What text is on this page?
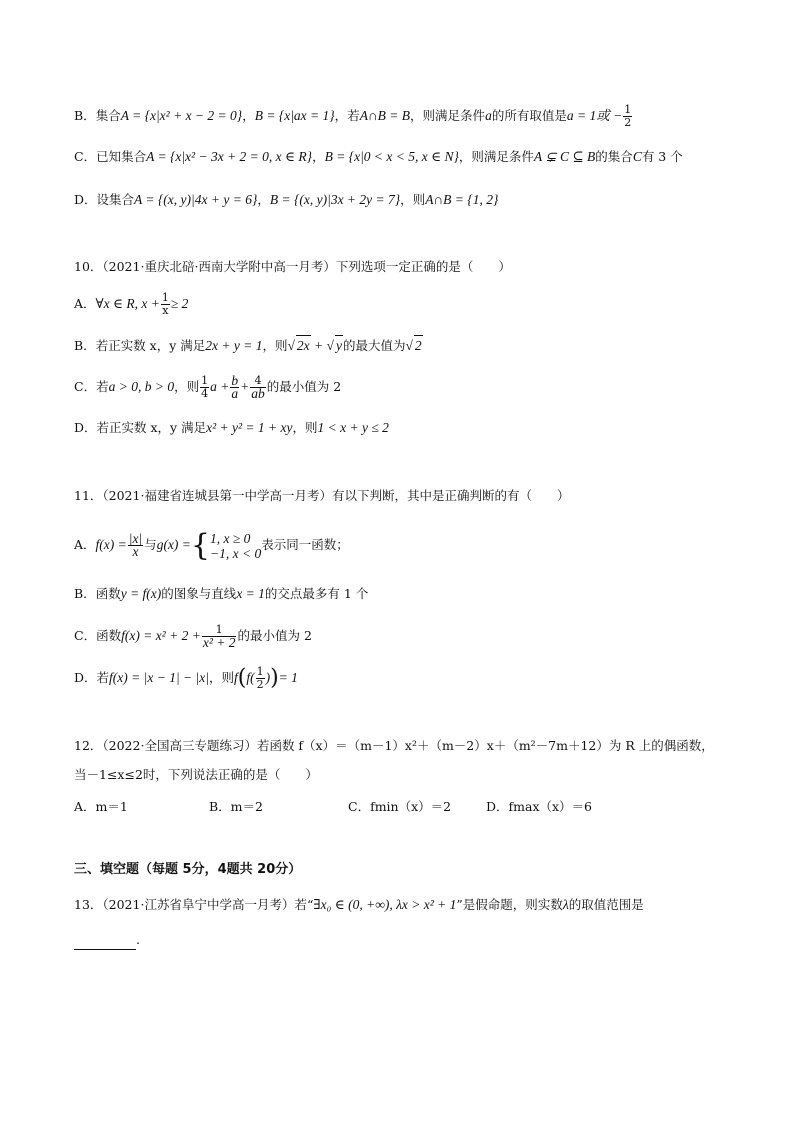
B．集合A = {x|x² + x − 2 = 0}，B = {x|ax = 1}，若A∩B = B，则满足条件a的所有取值是a = 1或 − $\frac{1}{2}$
C．已知集合A = {x|x² − 3x + 2 = 0, x ∈ R}，B = {x|0 < x < 5, x ∈ N}，则满足条件A ⊊ C ⊆ B的集合C有 3 个
D．设集合A = {(x, y)|4x + y = 6}，B = {(x, y)|3x + 2y = 7}，则A∩B = {1, 2}
10．（2021·重庆北碚·西南大学附中高一月考）下列选项一定正确的是（　　）
A．∀x ∈ R, $x + \frac{1}{x} \ge 2$
B．若正实数 x，y 满足2x + y = 1，则√ 2x + √ y的最大值为√ 2
C．若a > 0, b > 0，则 $\frac{1}{4}$ $a + \frac{b}{a} + \frac{4}{ab}$ 的最小值为 2
D．若正实数 x，y 满足x² + y² = 1 + xy，则1 < x + y ≤ 2
11．（2021·福建省连城县第一中学高一月考）有以下判断，其中是正确判断的有（　　）
A．$f(x) = \frac{|x|}{x}$ 与g(x) ={ 1, x ≥ 0
−1, x < 0
表示同一函数；
B．函数y = f(x)的图象与直线x = 1的交点最多有 1 个
C．函数$f(x) = x^2 + 2 + \frac{1}{\text{x² + 2}}$ 的最小值为 2
D．若f(x) = |x − 1| − |x|，则$f(f( \frac{1}{2}$ ))= 1
12．（2022·全国高三专题练习）若函数 f（x）＝（m－1）x²＋（m－2）x＋（m²－7m＋12）为 R 上的偶函数，
当－1≤x≤2时，下列说法正确的是（　　）
A．m＝1	B．m＝2	C．fmin（x）＝2	D．fmax（x）＝6
三、填空题（每题 5分，4题共 20分）
13．（2021·江苏省阜宁中学高一月考）若“∃x₀ ∈ (0, +∞), λx > x² + 1”是假命题，则实数λ的取值范围是
.
